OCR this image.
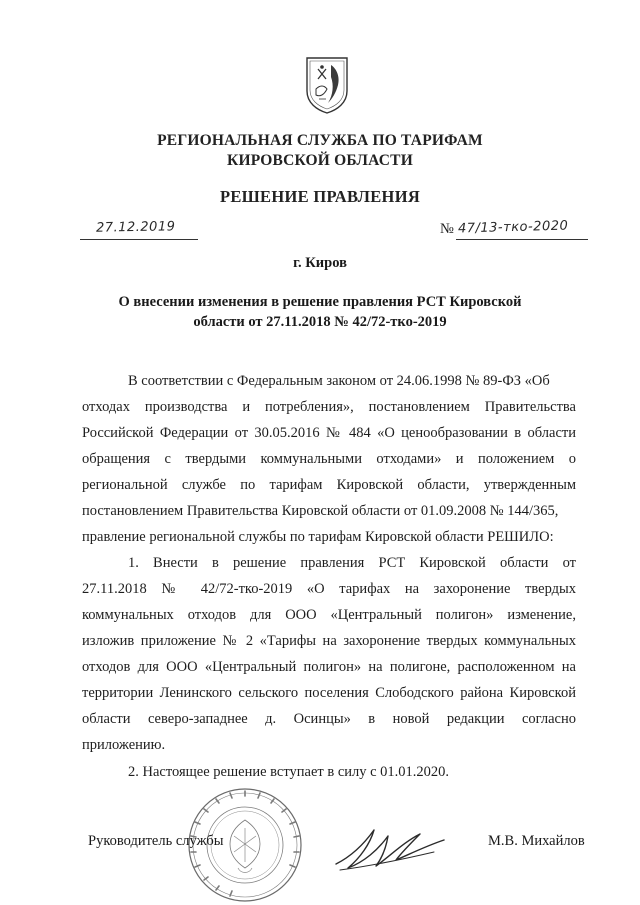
РЕГИОНАЛЬНАЯ СЛУЖБА ПО ТАРИФАМ
КИРОВСКОЙ ОБЛАСТИ
РЕШЕНИЕ ПРАВЛЕНИЯ
27.12.2019	№ 47/13-тко-2020
г. Киров
О внесении изменения в решение правления РСТ Кировской
области от 27.11.2018 № 42/72-тко-2019
В соответствии с Федеральным законом от 24.06.1998 № 89-ФЗ «Об
отходах производства и потребления», постановлением Правительства
Российской Федерации от 30.05.2016 № 484 «О ценообразовании в области
обращения с твердыми коммунальными отходами» и положением о
региональной службе по тарифам Кировской области, утвержденным
постановлением Правительства Кировской области от 01.09.2008 № 144/365,
правление региональной службы по тарифам Кировской области РЕШИЛО:
1. Внести в решение правления РСТ Кировской области от
27.11.2018 № 42/72-тко-2019 «О тарифах на захоронение твердых
коммунальных отходов для ООО «Центральный полигон» изменение,
изложив приложение № 2 «Тарифы на захоронение твердых коммунальных
отходов для ООО «Центральный полигон» на полигоне, расположенном на
территории Ленинского сельского поселения Слободского района Кировской
области северо-западнее д. Осинцы» в новой редакции согласно
приложению.
2. Настоящее решение вступает в силу с 01.01.2020.
Руководитель службы	М.В. Михайлов
